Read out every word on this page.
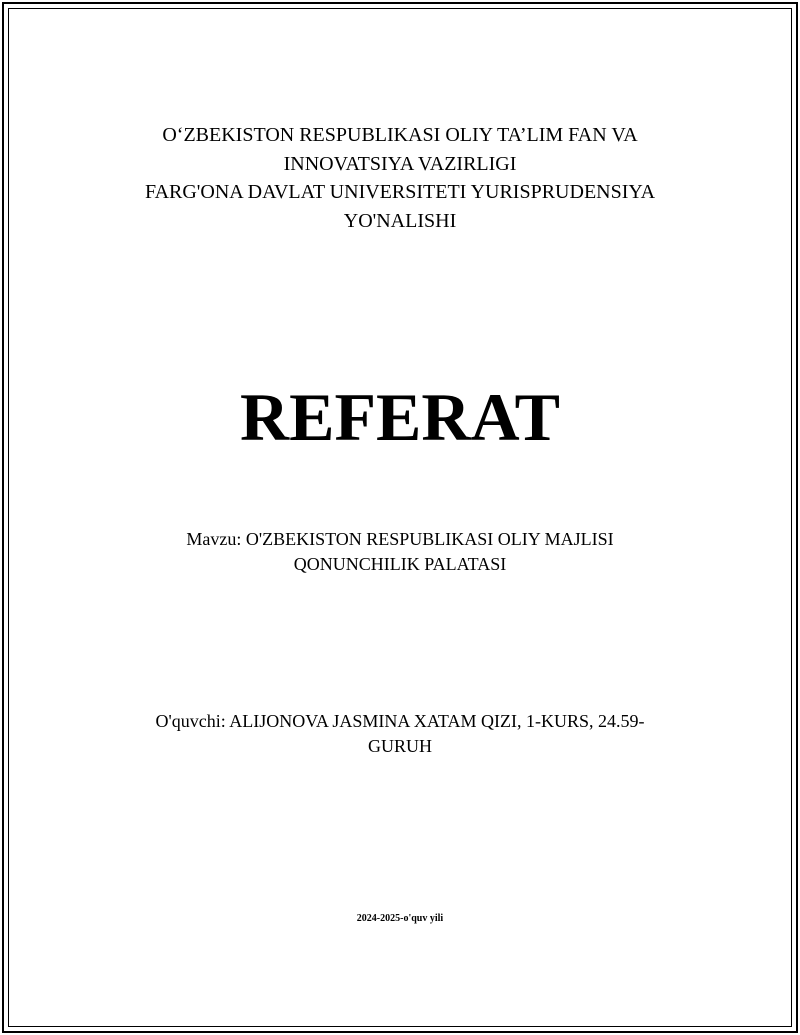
O‘ZBEKISTON RESPUBLIKASI OLIY TA’LIM FAN VA
INNOVATSIYA VAZIRLIGI
FARG'ONA DAVLAT UNIVERSITETI YURISPRUDENSIYA
YO'NALISHI
REFERAT
Mavzu: O'ZBEKISTON RESPUBLIKASI OLIY MAJLISI QONUNCHILIK PALATASI
O'quvchi: ALIJONOVA JASMINA XATAM QIZI, 1-KURS, 24.59-GURUH
2024-2025-o'quv yili
